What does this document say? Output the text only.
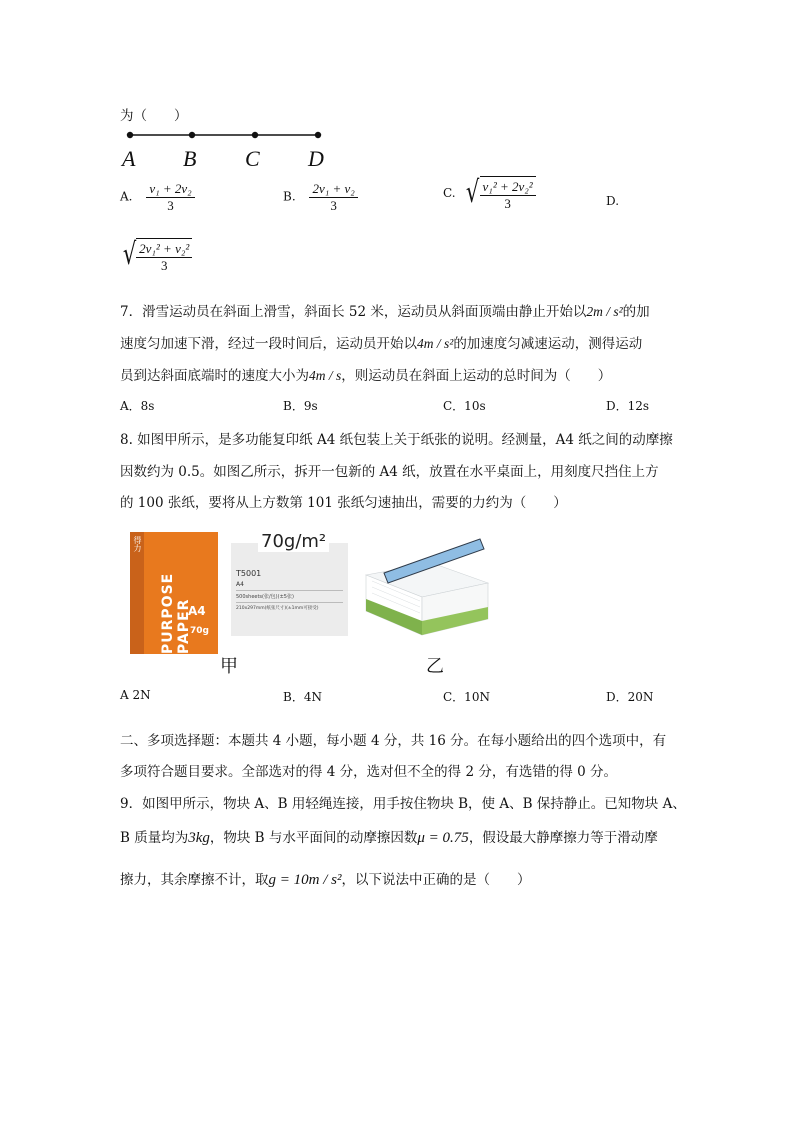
为（　　）
A B C D
A. $\frac{\text{v₁ + 2v₂}}{3}$	B. $\frac{\text{2v₁ + v₂}}{3}$	C. √ $\frac{\text{v₁² + 2v₂²}}{3}$	D.
√ $\frac{\text{2v₁² + v₂²}}{3}$
7．滑雪运动员在斜面上滑雪，斜面长 52 米，运动员从斜面顶端由静止开始以2m / s²的加
速度匀加速下滑，经过一段时间后，运动员开始以4m / s²的加速度匀减速运动，测得运动
员到达斜面底端时的速度大小为4m / s，则运动员在斜面上运动的总时间为（　　）
A．8s	B．9s	C．10s	D．12s
8. 如图甲所示，是多功能复印纸 A4 纸包装上关于纸张的说明。经测量，A4 纸之间的动摩擦
因数约为 0.5。如图乙所示，拆开一包新的 A4 纸，放置在水平桌面上，用刻度尺挡住上方
的 100 张纸，要将从上方数第 101 张纸匀速抽出，需要的力约为（　　）
得力
PURPOSE PAPER
A4
70g
70g/m²
T5001
A4
500sheets(张/包)(±5张)
210x297mm(纸张尺寸)(±1mm可接受)
甲	乙
A 2N	B．4N	C．10N	D．20N
二、多项选择题：本题共 4 小题，每小题 4 分，共 16 分。在每小题给出的四个选项中，有
多项符合题目要求。全部选对的得 4 分，选对但不全的得 2 分，有选错的得 0 分。
9．如图甲所示，物块 A、B 用轻绳连接，用手按住物块 B，使 A、B 保持静止。已知物块 A、
B 质量均为3kg，物块 B 与水平面间的动摩擦因数μ = 0.75，假设最大静摩擦力等于滑动摩
擦力，其余摩擦不计，取g = 10m / s²，以下说法中正确的是（　　）
